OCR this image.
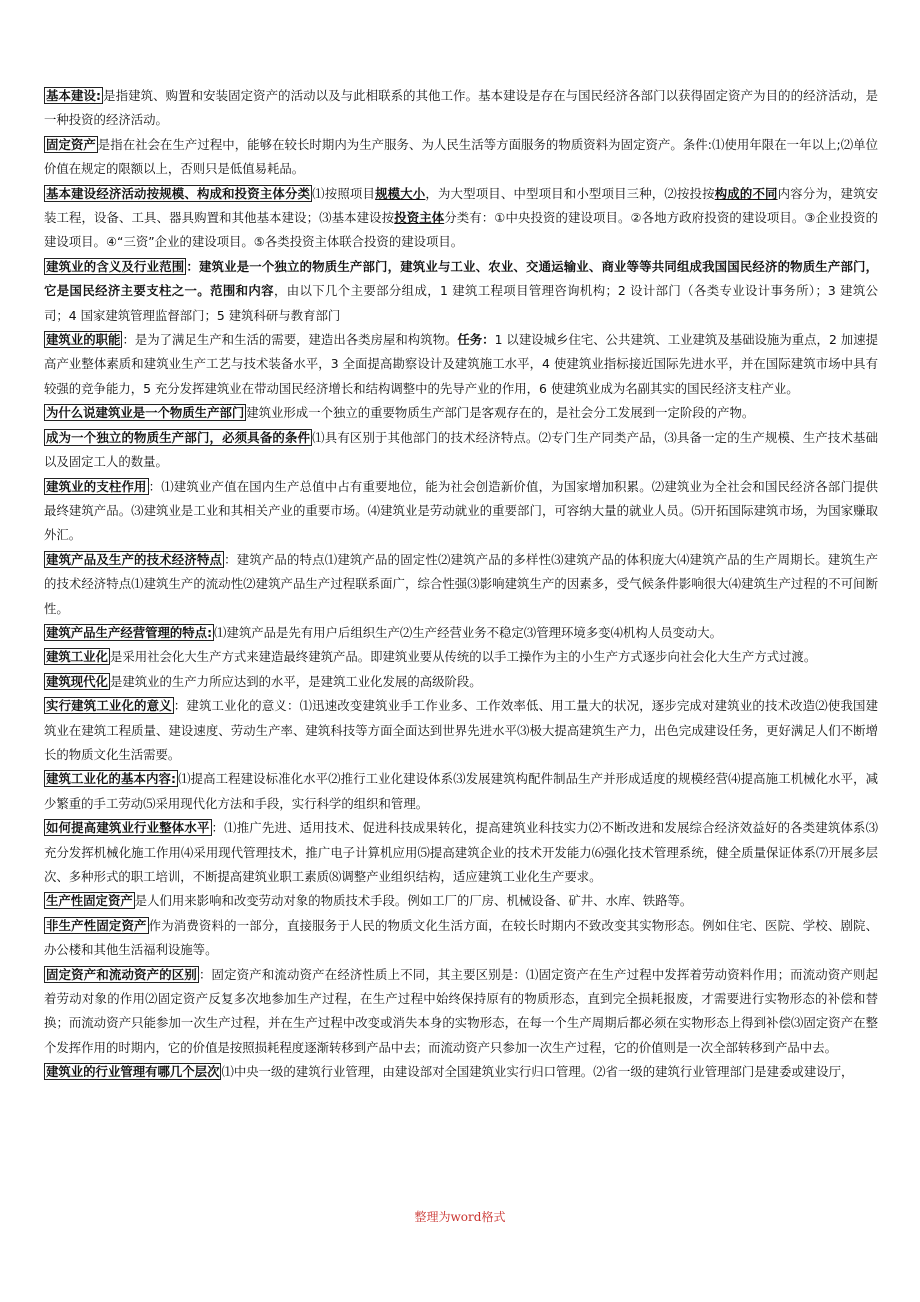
基本建设: 是指建筑、购置和安装固定资产的活动以及与此相联系的其他工作。基本建设是存在与国民经济各部门以获得固定资产为目的的经济活动，是一种投资的经济活动。

固定资产 是指在社会在生产过程中，能够在较长时期内为生产服务、为人民生活等方面服务的物质资料为固定资产。条件:⑴使用年限在一年以上;⑵单位价值在规定的限额以上，否则只是低值易耗品。

基本建设经济活动按规模、构成和投资主体分类 ⑴按照项目规模大小，为大型项目、中型项目和小型项目三种，⑵按投按构成的不同内容分为，建筑安装工程，设备、工具、器具购置和其他基本建设；⑶基本建设按投资主体分类有：①中央投资的建设项目。②各地方政府投资的建设项目。③企业投资的建设项目。④“三资”企业的建设项目。⑤各类投资主体联合投资的建设项目。

建筑业的含义及行业范围 ：建筑业是一个独立的物质生产部门，建筑业与工业、农业、交通运输业、商业等等共同组成我国国民经济的物质生产部门，它是国民经济主要支柱之一。范围和内容，由以下几个主要部分组成，1 建筑工程项目管理咨询机构；2 设计部门（各类专业设计事务所）；3 建筑公司；4 国家建筑管理监督部门；5 建筑科研与教育部门

建筑业的职能 ：是为了满足生产和生活的需要，建造出各类房屋和构筑物。任务：1 以建设城乡住宅、公共建筑、工业建筑及基础设施为重点，2 加速提高产业整体素质和建筑业生产工艺与技术装备水平，3 全面提高勘察设计及建筑施工水平，4 使建筑业指标接近国际先进水平，并在国际建筑市场中具有较强的竞争能力，5 充分发挥建筑业在带动国民经济增长和结构调整中的先导产业的作用，6 使建筑业成为名副其实的国民经济支柱产业。

为什么说建筑业是一个物质生产部门 建筑业形成一个独立的重要物质生产部门是客观存在的，是社会分工发展到一定阶段的产物。

成为一个独立的物质生产部门，必须具备的条件 ⑴具有区别于其他部门的技术经济特点。⑵专门生产同类产品，⑶具备一定的生产规模、生产技术基础以及固定工人的数量。

建筑业的支柱作用 ：⑴建筑业产值在国内生产总值中占有重要地位，能为社会创造新价值，为国家增加积累。⑵建筑业为全社会和国民经济各部门提供最终建筑产品。⑶建筑业是工业和其相关产业的重要市场。⑷建筑业是劳动就业的重要部门，可容纳大量的就业人员。⑸开拓国际建筑市场，为国家赚取外汇。

建筑产品及生产的技术经济特点 ：建筑产品的特点⑴建筑产品的固定性⑵建筑产品的多样性⑶建筑产品的体积庞大⑷建筑产品的生产周期长。建筑生产的技术经济特点⑴建筑生产的流动性⑵建筑产品生产过程联系面广，综合性强⑶影响建筑生产的因素多，受气候条件影响很大⑷建筑生产过程的不可间断性。

建筑产品生产经营管理的特点: ⑴建筑产品是先有用户后组织生产⑵生产经营业务不稳定⑶管理环境多变⑷机构人员变动大。

建筑工业化 是采用社会化大生产方式来建造最终建筑产品。即建筑业要从传统的以手工操作为主的小生产方式逐步向社会化大生产方式过渡。

建筑现代化 是建筑业的生产力所应达到的水平，是建筑工业化发展的高级阶段。

实行建筑工业化的意义 ：建筑工业化的意义：⑴迅速改变建筑业手工作业多、工作效率低、用工量大的状况，逐步完成对建筑业的技术改造⑵使我国建筑业在建筑工程质量、建设速度、劳动生产率、建筑科技等方面全面达到世界先进水平⑶极大提高建筑生产力，出色完成建设任务，更好满足人们不断增长的物质文化生活需要。

建筑工业化的基本内容: ⑴提高工程建设标准化水平⑵推行工业化建设体系⑶发展建筑构配件制品生产并形成适度的规模经营⑷提高施工机械化水平，减少繁重的手工劳动⑸采用现代化方法和手段，实行科学的组织和管理。

如何提高建筑业行业整体水平 ：⑴推广先进、适用技术、促进科技成果转化，提高建筑业科技实力⑵不断改进和发展综合经济效益好的各类建筑体系⑶充分发挥机械化施工作用⑷采用现代管理技术，推广电子计算机应用⑸提高建筑企业的技术开发能力⑹强化技术管理系统，健全质量保证体系⑺开展多层次、多种形式的职工培训，不断提高建筑业职工素质⑻调整产业组织结构，适应建筑工业化生产要求。

生产性固定资产 是人们用来影响和改变劳动对象的物质技术手段。例如工厂的厂房、机械设备、矿井、水库、铁路等。

非生产性固定资产 作为消费资料的一部分，直接服务于人民的物质文化生活方面，在较长时期内不致改变其实物形态。例如住宅、医院、学校、剧院、办公楼和其他生活福利设施等。

固定资产和流动资产的区别 ：固定资产和流动资产在经济性质上不同，其主要区别是：⑴固定资产在生产过程中发挥着劳动资料作用；而流动资产则起着劳动对象的作用⑵固定资产反复多次地参加生产过程，在生产过程中始终保持原有的物质形态，直到完全损耗报废，才需要进行实物形态的补偿和替换；而流动资产只能参加一次生产过程，并在生产过程中改变或消失本身的实物形态，在每一个生产周期后都必须在实物形态上得到补偿⑶固定资产在整个发挥作用的时期内，它的价值是按照损耗程度逐渐转移到产品中去；而流动资产只参加一次生产过程，它的价值则是一次全部转移到产品中去。

建筑业的行业管理有哪几个层次 ⑴中央一级的建筑行业管理，由建设部对全国建筑业实行归口管理。⑵省一级的建筑行业管理部门是建委或建设厅，

整理为word格式
